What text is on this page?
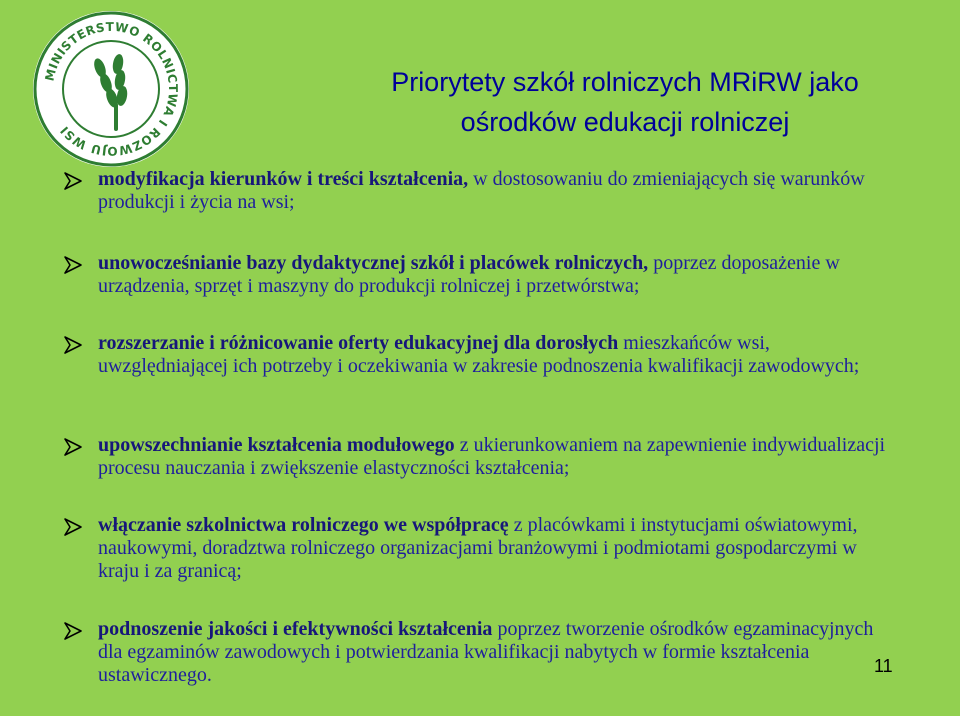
MINISTERSTWO ROLNICTWA I ROZWOJU WSI
Priorytety szkół rolniczych MRiRW jako
ośrodków edukacji rolniczej
modyfikacja kierunków i treści kształcenia, w dostosowaniu do zmieniających się warunków produkcji i życia na wsi;
unowocześnianie bazy dydaktycznej szkół i placówek rolniczych, poprzez doposażenie w urządzenia, sprzęt i maszyny do produkcji rolniczej i przetwórstwa;
rozszerzanie i różnicowanie oferty edukacyjnej dla dorosłych mieszkańców wsi, uwzględniającej ich potrzeby i oczekiwania w zakresie podnoszenia kwalifikacji zawodowych;
upowszechnianie kształcenia modułowego z ukierunkowaniem na zapewnienie indywidualizacji procesu nauczania i zwiększenie elastyczności kształcenia;
włączanie szkolnictwa rolniczego we współpracę z placówkami i instytucjami oświatowymi, naukowymi, doradztwa rolniczego organizacjami branżowymi i podmiotami gospodarczymi w kraju i za granicą;
podnoszenie jakości i efektywności kształcenia poprzez tworzenie ośrodków egzaminacyjnych dla egzaminów zawodowych i potwierdzania kwalifikacji nabytych w formie kształcenia ustawicznego.	11
